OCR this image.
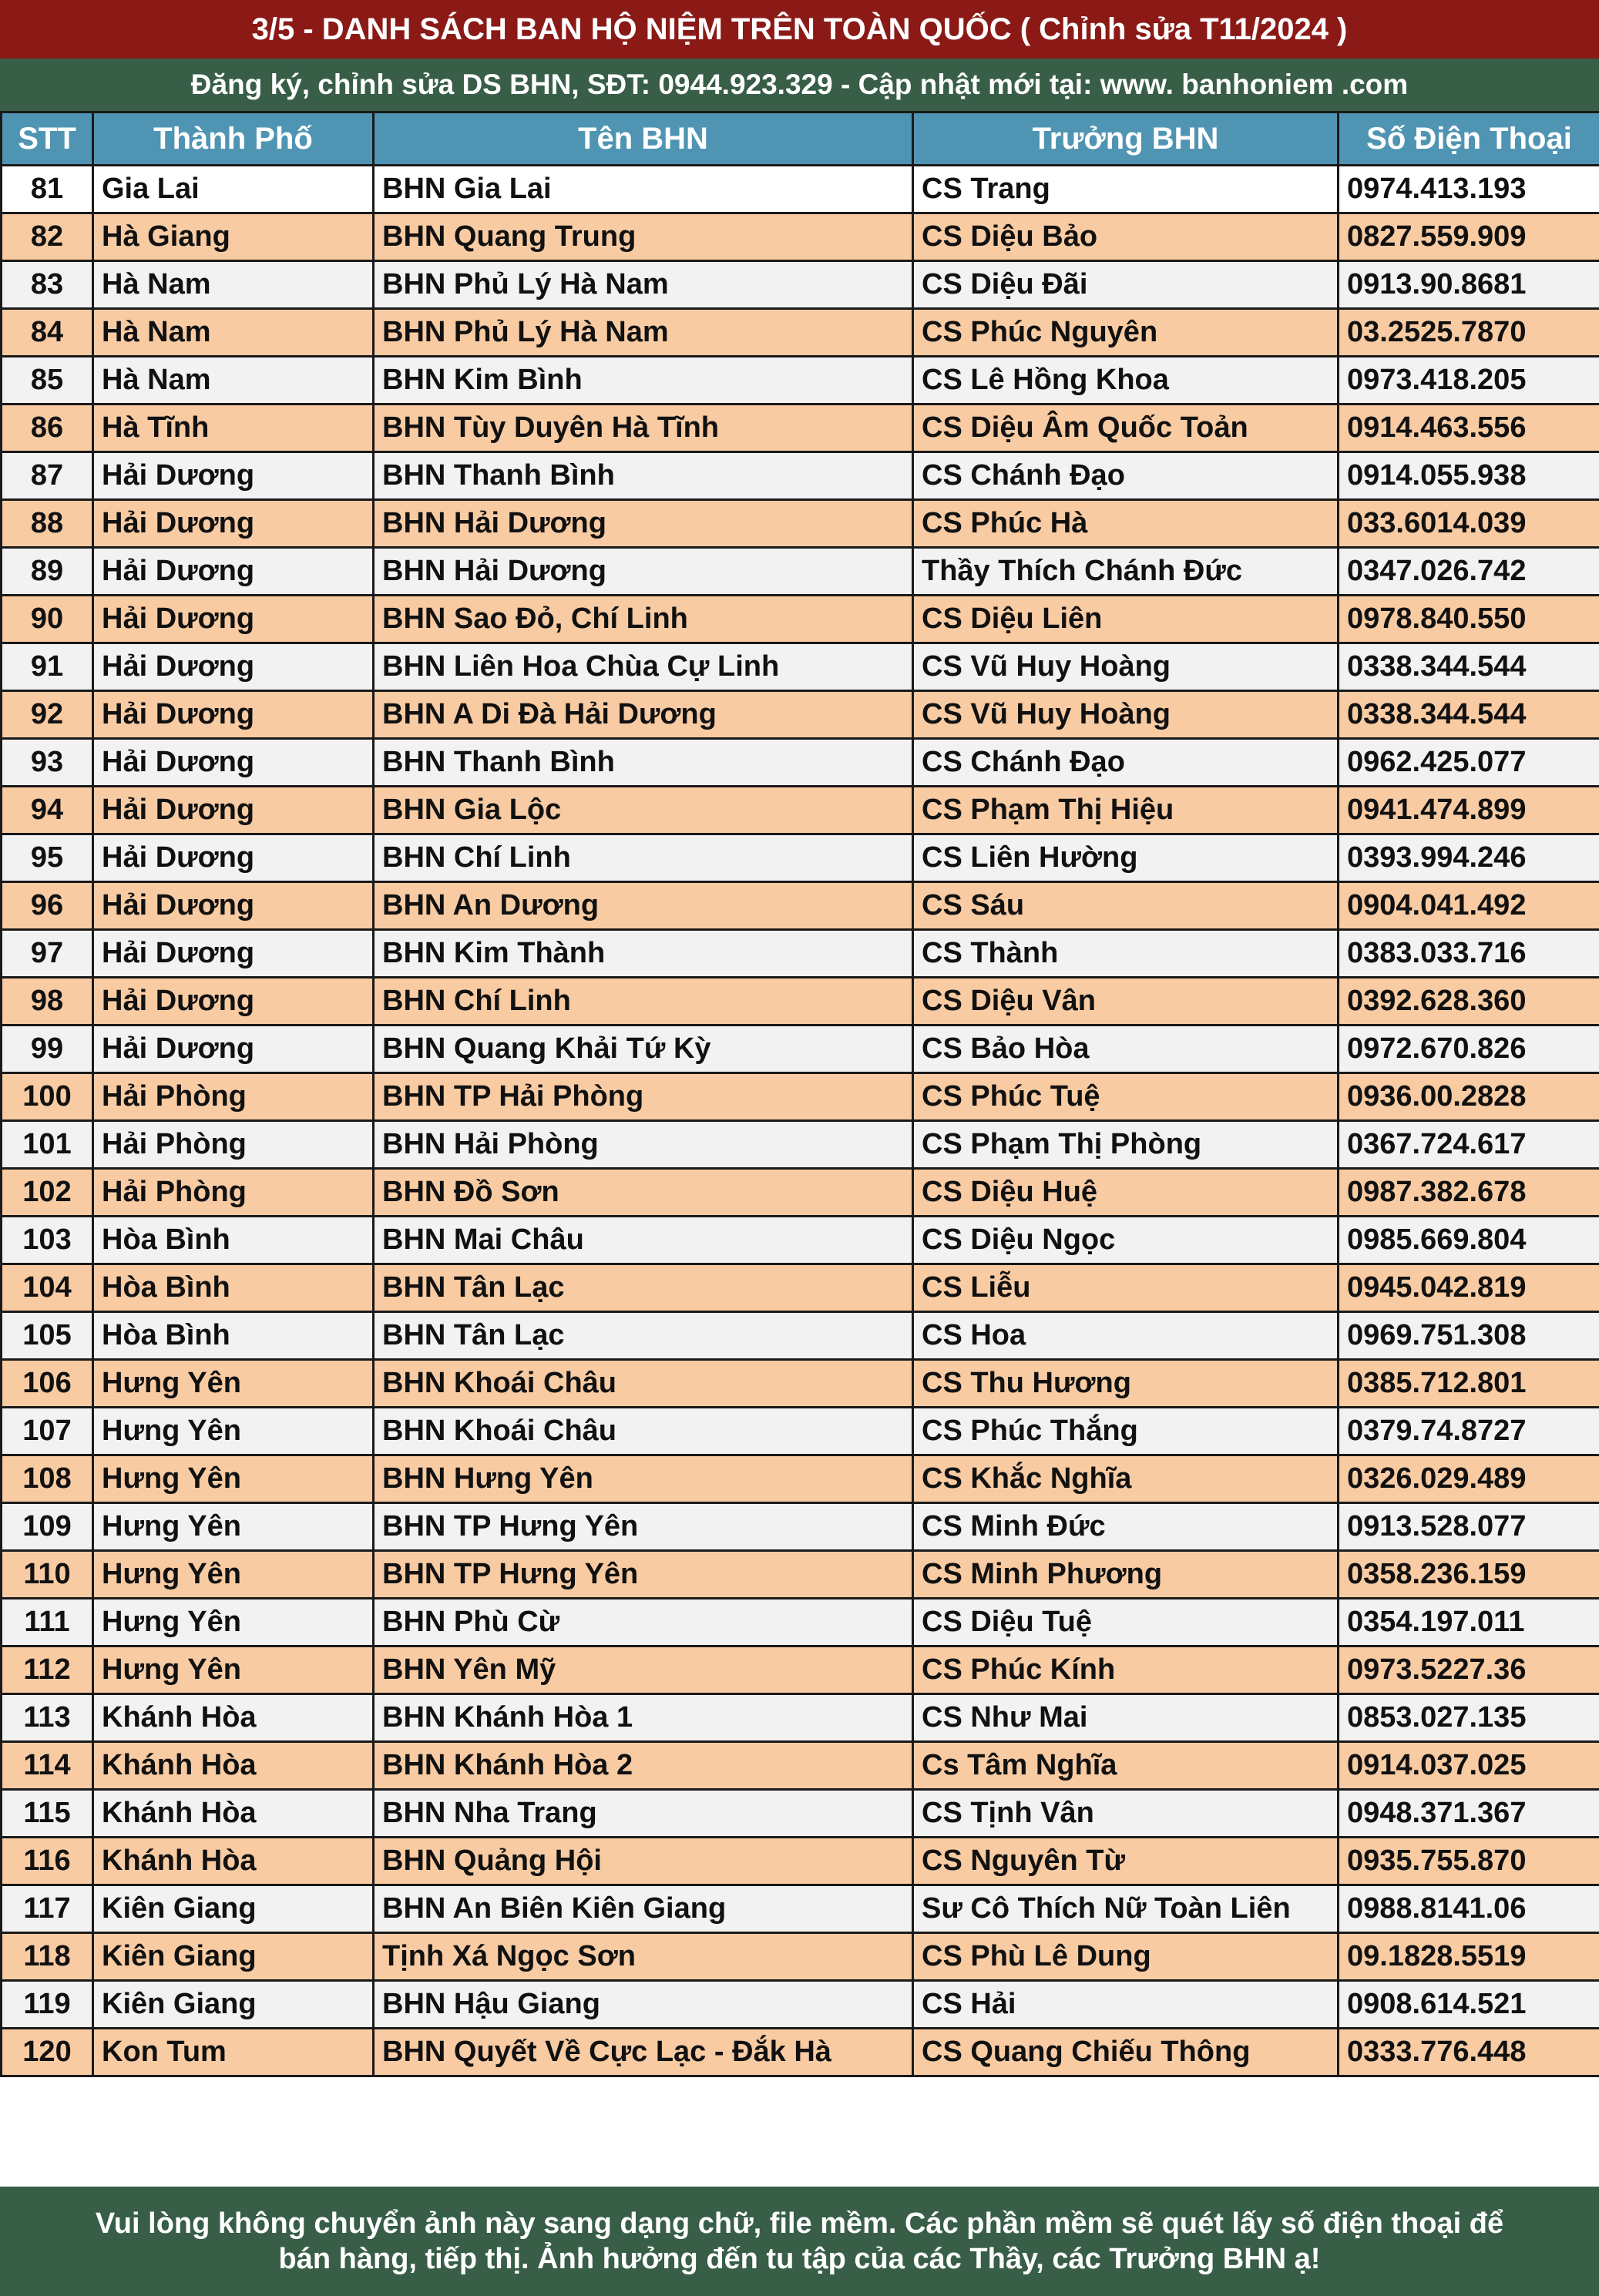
3/5 - DANH SÁCH BAN HỘ NIỆM TRÊN TOÀN QUỐC ( Chỉnh sửa T11/2024 )
Đăng ký, chỉnh sửa DS BHN, SĐT: 0944.923.329 - Cập nhật mới tại: www. banhoniem .com
STT	Thành Phố	Tên BHN	Trưởng BHN	Số Điện Thoại
81	Gia Lai	BHN Gia Lai	CS Trang	0974.413.193
82	Hà Giang	BHN Quang Trung	CS Diệu Bảo	0827.559.909
83	Hà Nam	BHN Phủ Lý Hà Nam	CS Diệu Đãi	0913.90.8681
84	Hà Nam	BHN Phủ Lý Hà Nam	CS Phúc Nguyên	03.2525.7870
85	Hà Nam	BHN Kim Bình	CS Lê Hồng Khoa	0973.418.205
86	Hà Tĩnh	BHN Tùy Duyên Hà Tĩnh	CS Diệu Âm Quốc Toản	0914.463.556
87	Hải Dương	BHN Thanh Bình	CS Chánh Đạo	0914.055.938
88	Hải Dương	BHN Hải Dương	CS Phúc Hà	033.6014.039
89	Hải Dương	BHN Hải Dương	Thầy Thích Chánh Đức	0347.026.742
90	Hải Dương	BHN Sao Đỏ, Chí Linh	CS Diệu Liên	0978.840.550
91	Hải Dương	BHN Liên Hoa Chùa Cự Linh	CS Vũ Huy Hoàng	0338.344.544
92	Hải Dương	BHN A Di Đà Hải Dương	CS Vũ Huy Hoàng	0338.344.544
93	Hải Dương	BHN Thanh Bình	CS Chánh Đạo	0962.425.077
94	Hải Dương	BHN Gia Lộc	CS Phạm Thị Hiệu	0941.474.899
95	Hải Dương	BHN Chí Linh	CS Liên Hường	0393.994.246
96	Hải Dương	BHN An Dương	CS Sáu	0904.041.492
97	Hải Dương	BHN Kim Thành	CS Thành	0383.033.716
98	Hải Dương	BHN Chí Linh	CS Diệu Vân	0392.628.360
99	Hải Dương	BHN Quang Khải Tứ Kỳ	CS Bảo Hòa	0972.670.826
100	Hải Phòng	BHN TP Hải Phòng	CS Phúc Tuệ	0936.00.2828
101	Hải Phòng	BHN Hải Phòng	CS Phạm Thị Phòng	0367.724.617
102	Hải Phòng	BHN Đồ Sơn	CS Diệu Huệ	0987.382.678
103	Hòa Bình	BHN Mai Châu	CS Diệu Ngọc	0985.669.804
104	Hòa Bình	BHN Tân Lạc	CS Liễu	0945.042.819
105	Hòa Bình	BHN Tân Lạc	CS Hoa	0969.751.308
106	Hưng Yên	BHN Khoái Châu	CS Thu Hương	0385.712.801
107	Hưng Yên	BHN Khoái Châu	CS Phúc Thắng	0379.74.8727
108	Hưng Yên	BHN Hưng Yên	CS Khắc Nghĩa	0326.029.489
109	Hưng Yên	BHN TP Hưng Yên	CS Minh Đức	0913.528.077
110	Hưng Yên	BHN TP Hưng Yên	CS Minh Phương	0358.236.159
111	Hưng Yên	BHN Phù Cừ	CS Diệu Tuệ	0354.197.011
112	Hưng Yên	BHN Yên Mỹ	CS Phúc Kính	0973.5227.36
113	Khánh Hòa	BHN Khánh Hòa 1	CS Như Mai	0853.027.135
114	Khánh Hòa	BHN Khánh Hòa 2	Cs Tâm Nghĩa	0914.037.025
115	Khánh Hòa	BHN Nha Trang	CS Tịnh Vân	0948.371.367
116	Khánh Hòa	BHN Quảng Hội	CS Nguyên Từ	0935.755.870
117	Kiên Giang	BHN An Biên Kiên Giang	Sư Cô Thích Nữ Toàn Liên	0988.8141.06
118	Kiên Giang	Tịnh Xá Ngọc Sơn	CS Phù Lê Dung	09.1828.5519
119	Kiên Giang	BHN Hậu Giang	CS Hải	0908.614.521
120	Kon Tum	BHN Quyết Về Cực Lạc - Đắk Hà	CS Quang Chiếu Thông	0333.776.448
Vui lòng không chuyển ảnh này sang dạng chữ, file mềm. Các phần mềm sẽ quét lấy số điện thoại để
bán hàng, tiếp thị. Ảnh hưởng đến tu tập của các Thầy, các Trưởng BHN ạ!
